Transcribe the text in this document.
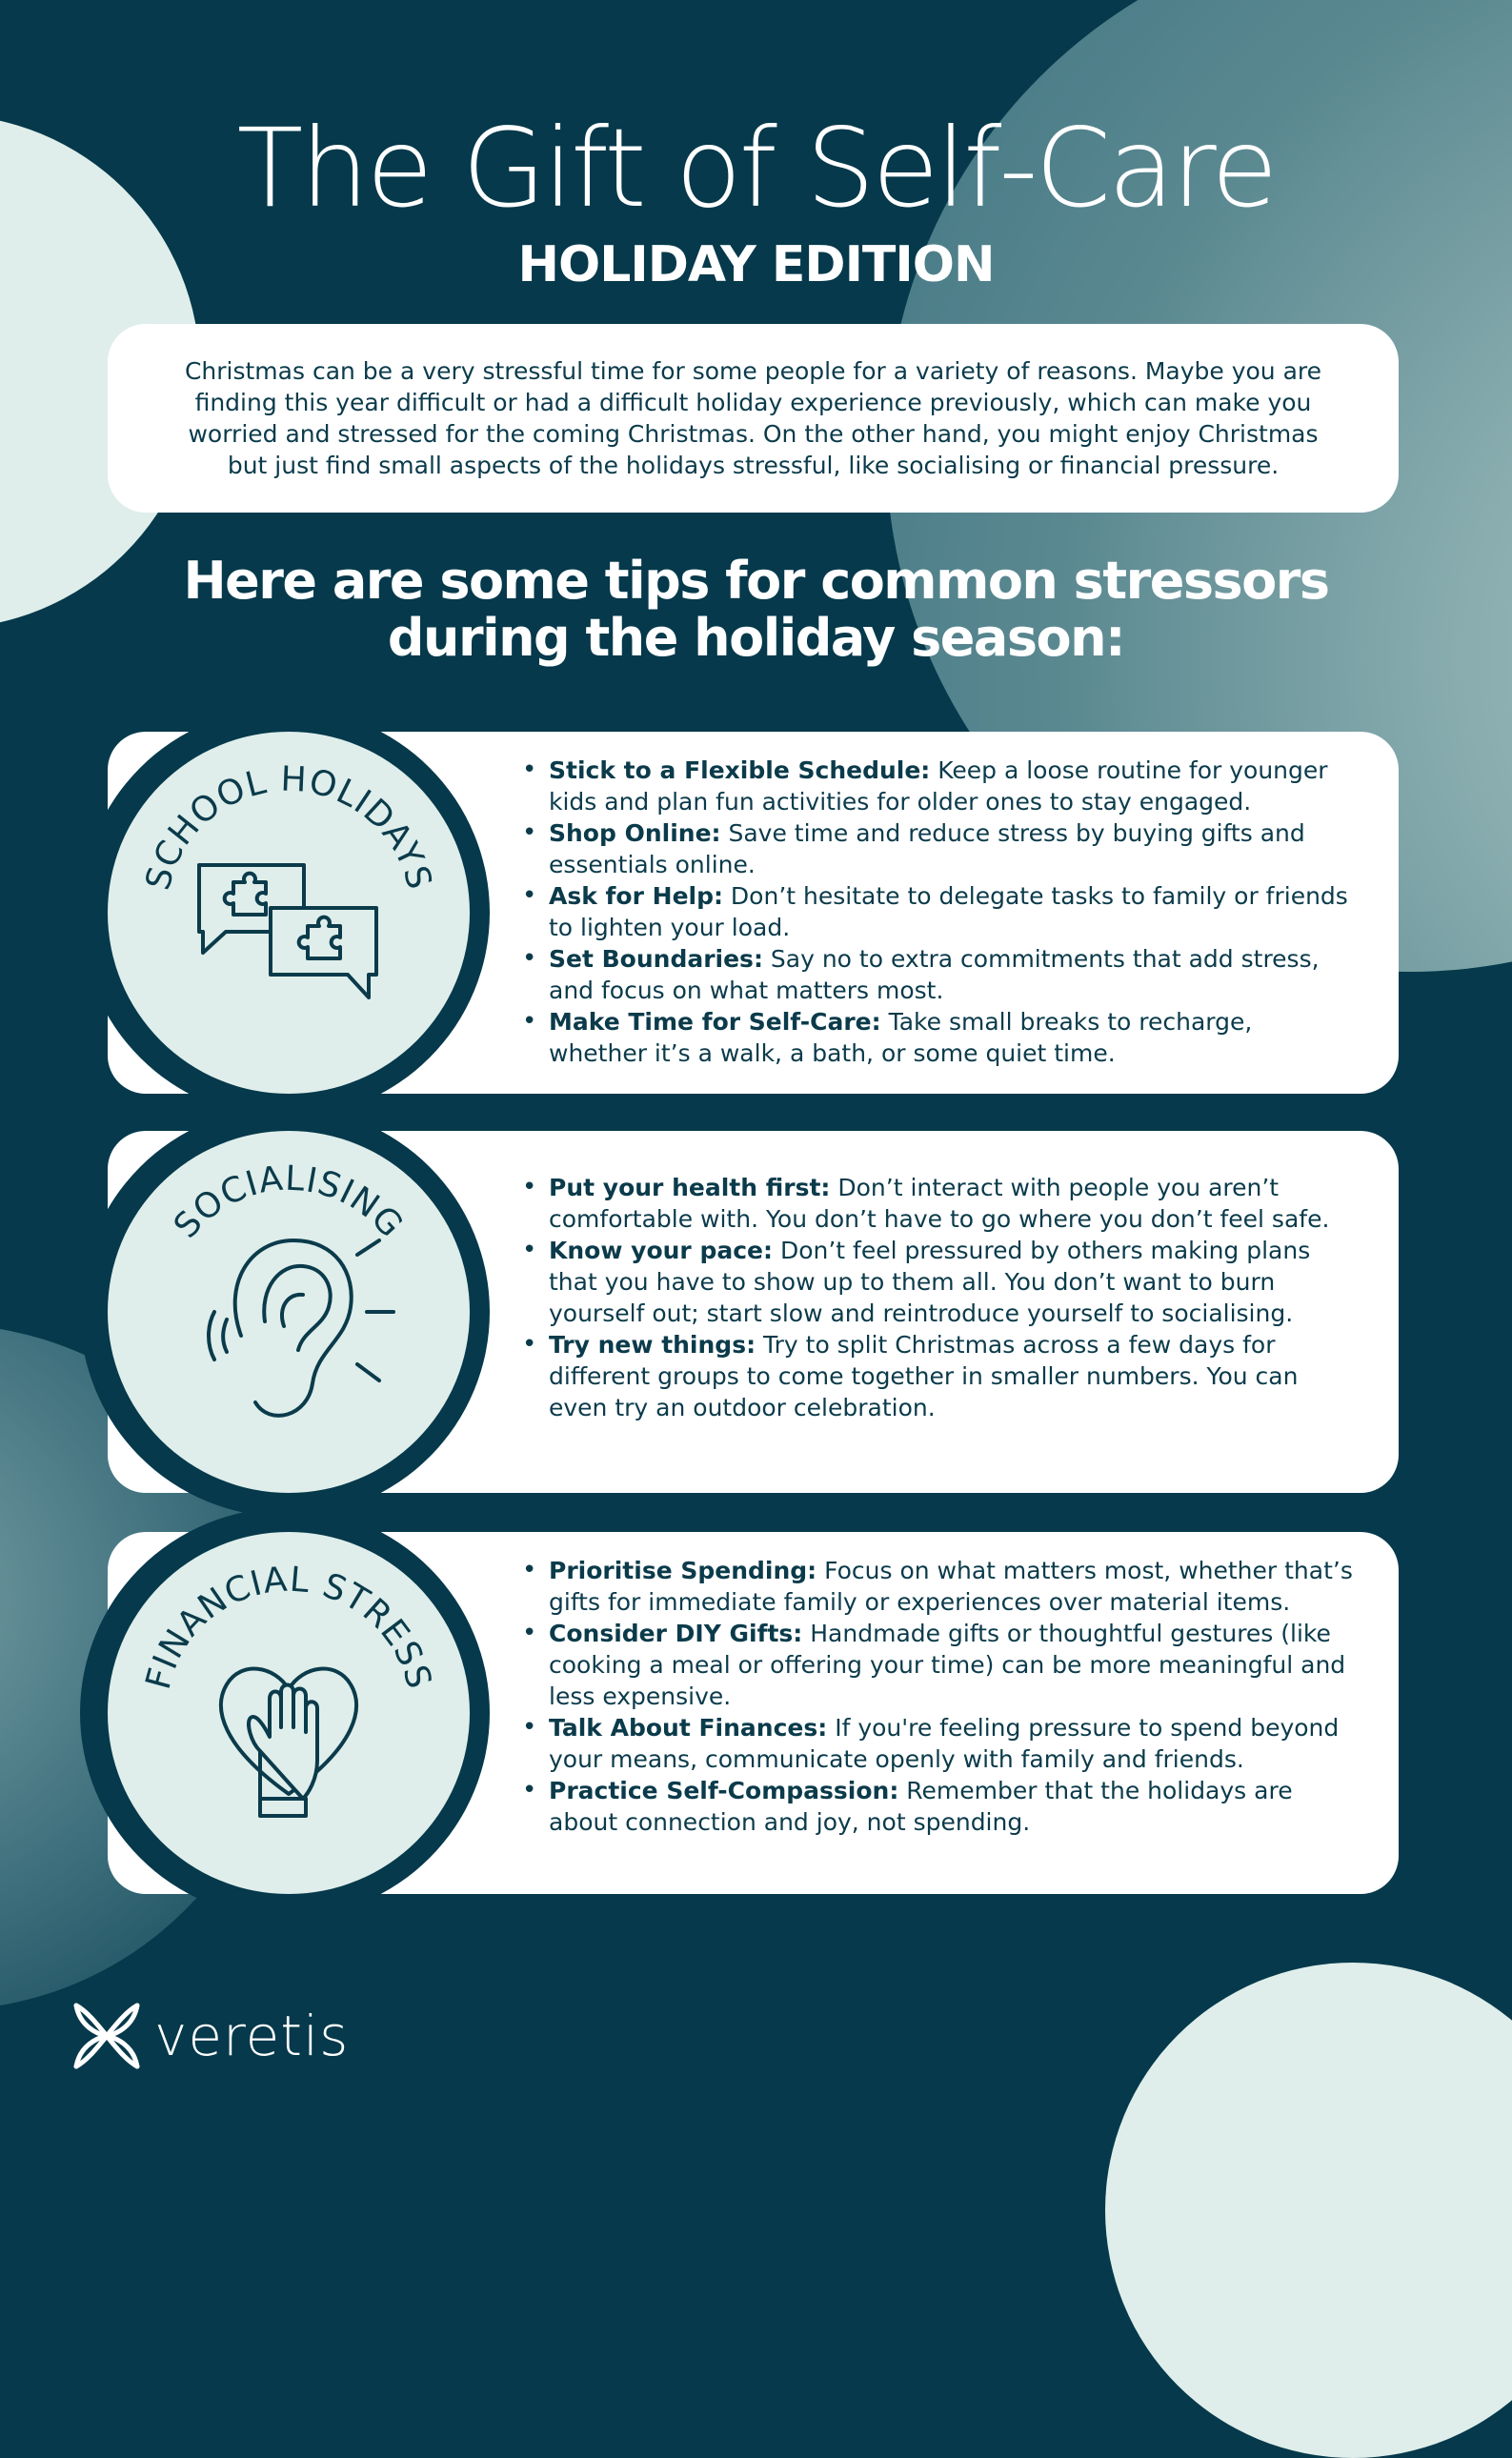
The Gift of Self-Care
HOLIDAY EDITION

Christmas can be a very stressful time for some people for a variety of reasons. Maybe you are finding this year difficult or had a difficult holiday experience previously, which can make you worried and stressed for the coming Christmas. On the other hand, you might enjoy Christmas but just find small aspects of the holidays stressful, like socialising or financial pressure.

Here are some tips for common stressors
during the holiday season:
SCHOOL HOLIDAYS
• Stick to a Flexible Schedule: Keep a loose routine for younger kids and plan fun activities for older ones to stay engaged.
• Shop Online: Save time and reduce stress by buying gifts and essentials online.
• Ask for Help: Don’t hesitate to delegate tasks to family or friends to lighten your load.
• Set Boundaries: Say no to extra commitments that add stress, and focus on what matters most.
• Make Time for Self-Care: Take small breaks to recharge, whether it’s a walk, a bath, or some quiet time.
SOCIALISING
• Put your health first: Don’t interact with people you aren’t comfortable with. You don’t have to go where you don’t feel safe.
• Know your pace: Don’t feel pressured by others making plans that you have to show up to them all. You don’t want to burn yourself out; start slow and reintroduce yourself to socialising.
• Try new things: Try to split Christmas across a few days for different groups to come together in smaller numbers. You can even try an outdoor celebration.
FINANCIAL STRESS
• Prioritise Spending: Focus on what matters most, whether that’s gifts for immediate family or experiences over material items.
• Consider DIY Gifts: Handmade gifts or thoughtful gestures (like cooking a meal or offering your time) can be more meaningful and less expensive.
• Talk About Finances: If you're feeling pressure to spend beyond your means, communicate openly with family and friends.
• Practice Self-Compassion: Remember that the holidays are about connection and joy, not spending.
veretis
